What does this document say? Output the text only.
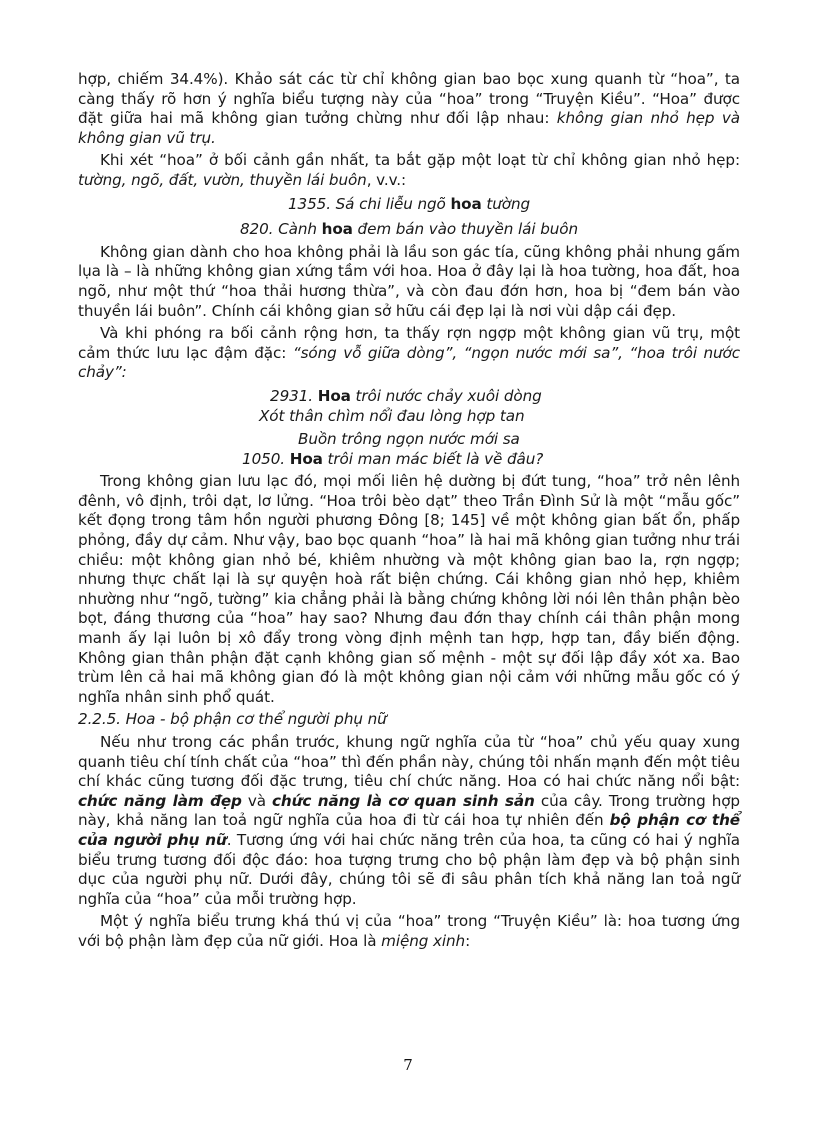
hợp, chiếm 34.4%). Khảo sát các từ chỉ không gian bao bọc xung quanh từ “hoa”, ta càng thấy rõ hơn ý nghĩa biểu tượng này của “hoa” trong “Truyện Kiều”. “Hoa” được đặt giữa hai mã không gian tưởng chừng như đối lập nhau: không gian nhỏ hẹp và không gian vũ trụ.

Khi xét “hoa” ở bối cảnh gần nhất, ta bắt gặp một loạt từ chỉ không gian nhỏ hẹp: tường, ngõ, đất, vườn, thuyền lái buôn, v.v.:

1355. Sá chi liễu ngõ hoa tường

820. Cành hoa đem bán vào thuyền lái buôn

Không gian dành cho hoa không phải là lầu son gác tía, cũng không phải nhung gấm lụa là – là những không gian xứng tầm với hoa. Hoa ở đây lại là hoa tường, hoa đất, hoa ngõ, như một thứ “hoa thải hương thừa”, và còn đau đớn hơn, hoa bị “đem bán vào thuyền lái buôn”. Chính cái không gian sở hữu cái đẹp lại là nơi vùi dập cái đẹp.

Và khi phóng ra bối cảnh rộng hơn, ta thấy rợn ngợp một không gian vũ trụ, một cảm thức lưu lạc đậm đặc: “sóng vỗ giữa dòng”, “ngọn nước mới sa”, “hoa trôi nước chảy”:

2931. Hoa trôi nước chảy xuôi dòng
Xót thân chìm nổi đau lòng hợp tan
Buồn trông ngọn nước mới sa
1050. Hoa trôi man mác biết là về đâu?

Trong không gian lưu lạc đó, mọi mối liên hệ dường bị đứt tung, “hoa” trở nên lênh đênh, vô định, trôi dạt, lơ lửng. “Hoa trôi bèo dạt” theo Trần Đình Sử là một “mẫu gốc” kết đọng trong tâm hồn người phương Đông [8; 145] về một không gian bất ổn, phấp phỏng, đầy dự cảm. Như vậy, bao bọc quanh “hoa” là hai mã không gian tưởng như trái chiều: một không gian nhỏ bé, khiêm nhường và một không gian bao la, rợn ngợp; nhưng thực chất lại là sự quyện hoà rất biện chứng. Cái không gian nhỏ hẹp, khiêm nhường như “ngõ, tường” kia chẳng phải là bằng chứng không lời nói lên thân phận bèo bọt, đáng thương của “hoa” hay sao? Nhưng đau đớn thay chính cái thân phận mong manh ấy lại luôn bị xô đẩy trong vòng định mệnh tan hợp, hợp tan, đầy biến động. Không gian thân phận đặt cạnh không gian số mệnh - một sự đối lập đầy xót xa. Bao trùm lên cả hai mã không gian đó là một không gian nội cảm với những mẫu gốc có ý nghĩa nhân sinh phổ quát.

2.2.5. Hoa - bộ phận cơ thể người phụ nữ

Nếu như trong các phần trước, khung ngữ nghĩa của từ “hoa” chủ yếu quay xung quanh tiêu chí tính chất của “hoa” thì đến phần này, chúng tôi nhấn mạnh đến một tiêu chí khác cũng tương đối đặc trưng, tiêu chí chức năng. Hoa có hai chức năng nổi bật: chức năng làm đẹp và chức năng là cơ quan sinh sản của cây. Trong trường hợp này, khả năng lan toả ngữ nghĩa của hoa đi từ cái hoa tự nhiên đến bộ phận cơ thể của người phụ nữ. Tương ứng với hai chức năng trên của hoa, ta cũng có hai ý nghĩa biểu trưng tương đối độc đáo: hoa tượng trưng cho bộ phận làm đẹp và bộ phận sinh dục của người phụ nữ. Dưới đây, chúng tôi sẽ đi sâu phân tích khả năng lan toả ngữ nghĩa của “hoa” của mỗi trường hợp.

Một ý nghĩa biểu trưng khá thú vị của “hoa” trong “Truyện Kiều” là: hoa tương ứng với bộ phận làm đẹp của nữ giới. Hoa là miệng xinh:

7
